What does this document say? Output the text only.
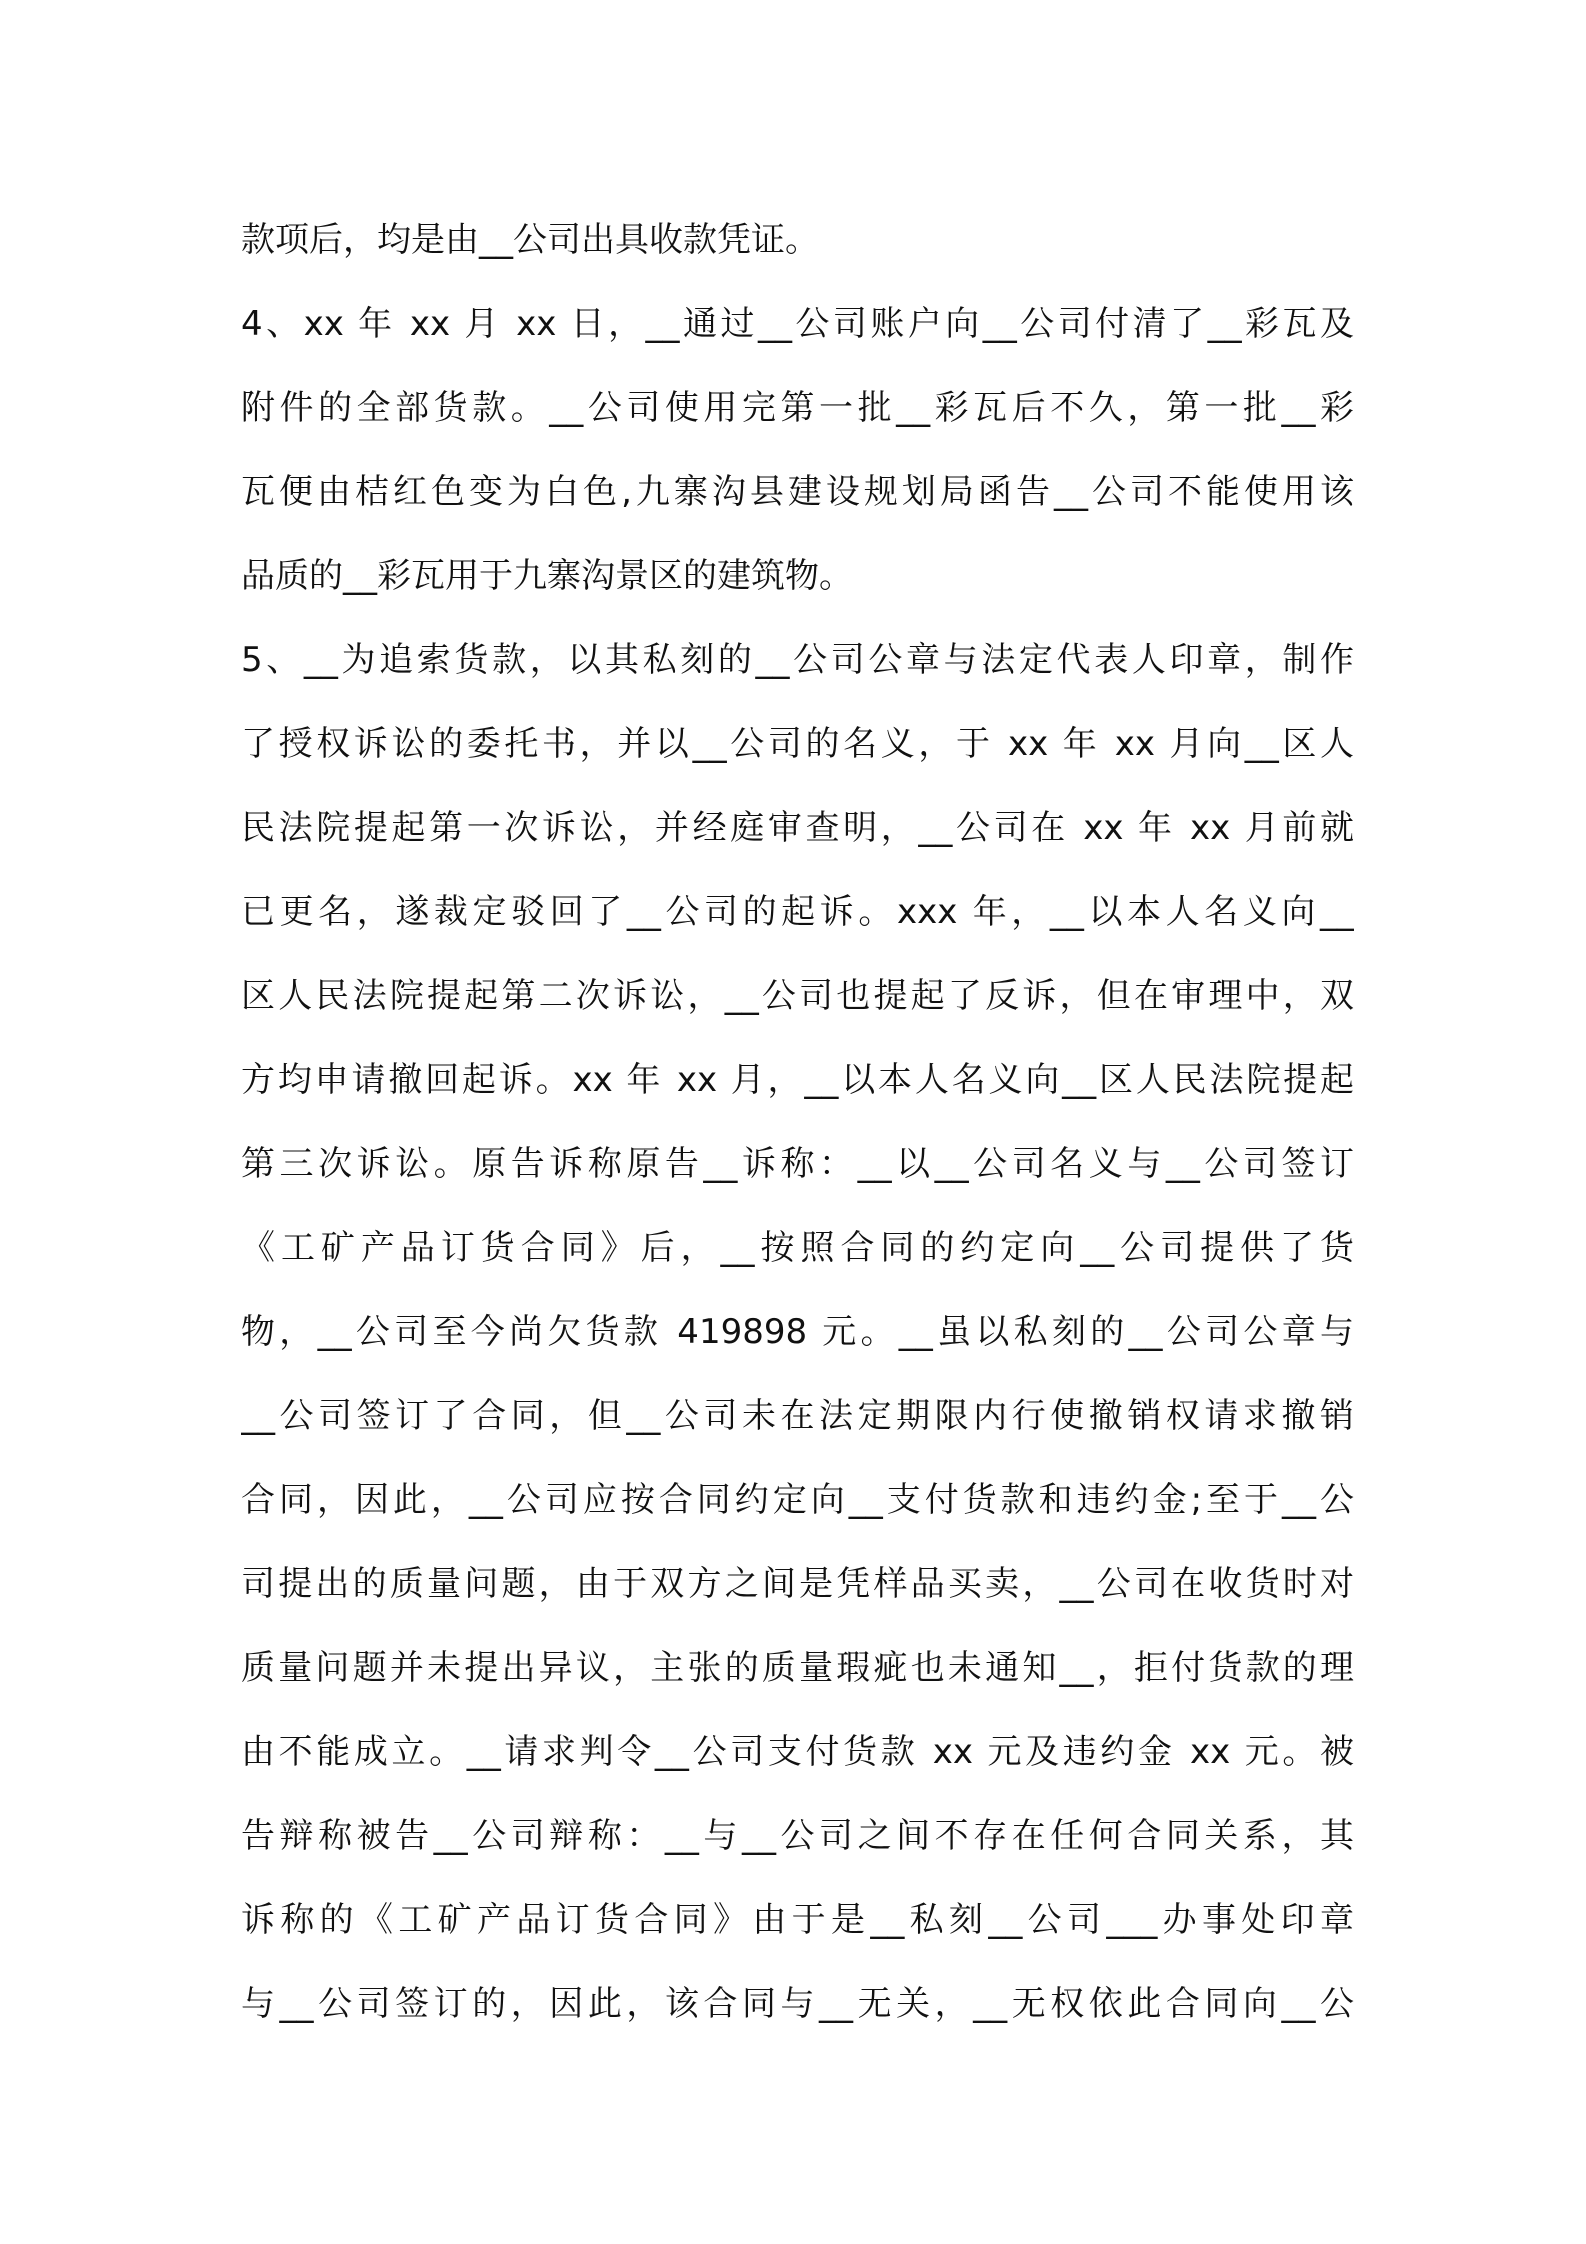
款项后，均是由__公司出具收款凭证。
4、xx 年 xx 月 xx 日，__通过__公司账户向__公司付清了__彩瓦及
附件的全部货款。__公司使用完第一批__彩瓦后不久，第一批__彩
瓦便由桔红色变为白色,九寨沟县建设规划局函告__公司不能使用该
品质的__彩瓦用于九寨沟景区的建筑物。
5、__为追索货款，以其私刻的__公司公章与法定代表人印章，制作
了授权诉讼的委托书，并以__公司的名义，于 xx 年 xx 月向__区人
民法院提起第一次诉讼，并经庭审查明，__公司在 xx 年 xx 月前就
已更名，遂裁定驳回了__公司的起诉。xxx 年，__以本人名义向__
区人民法院提起第二次诉讼，__公司也提起了反诉，但在审理中，双
方均申请撤回起诉。xx 年 xx 月，__以本人名义向__区人民法院提起
第三次诉讼。原告诉称原告__诉称：__以__公司名义与__公司签订
《工矿产品订货合同》后，__按照合同的约定向__公司提供了货
物，__公司至今尚欠货款 419898 元。__虽以私刻的__公司公章与
__公司签订了合同，但__公司未在法定期限内行使撤销权请求撤销
合同，因此，__公司应按合同约定向__支付货款和违约金;至于__公
司提出的质量问题，由于双方之间是凭样品买卖，__公司在收货时对
质量问题并未提出异议，主张的质量瑕疵也未通知__，拒付货款的理
由不能成立。__请求判令__公司支付货款 xx 元及违约金 xx 元。被
告辩称被告__公司辩称：__与__公司之间不存在任何合同关系，其
诉称的《工矿产品订货合同》由于是__私刻__公司___办事处印章
与__公司签订的，因此，该合同与__无关，__无权依此合同向__公
